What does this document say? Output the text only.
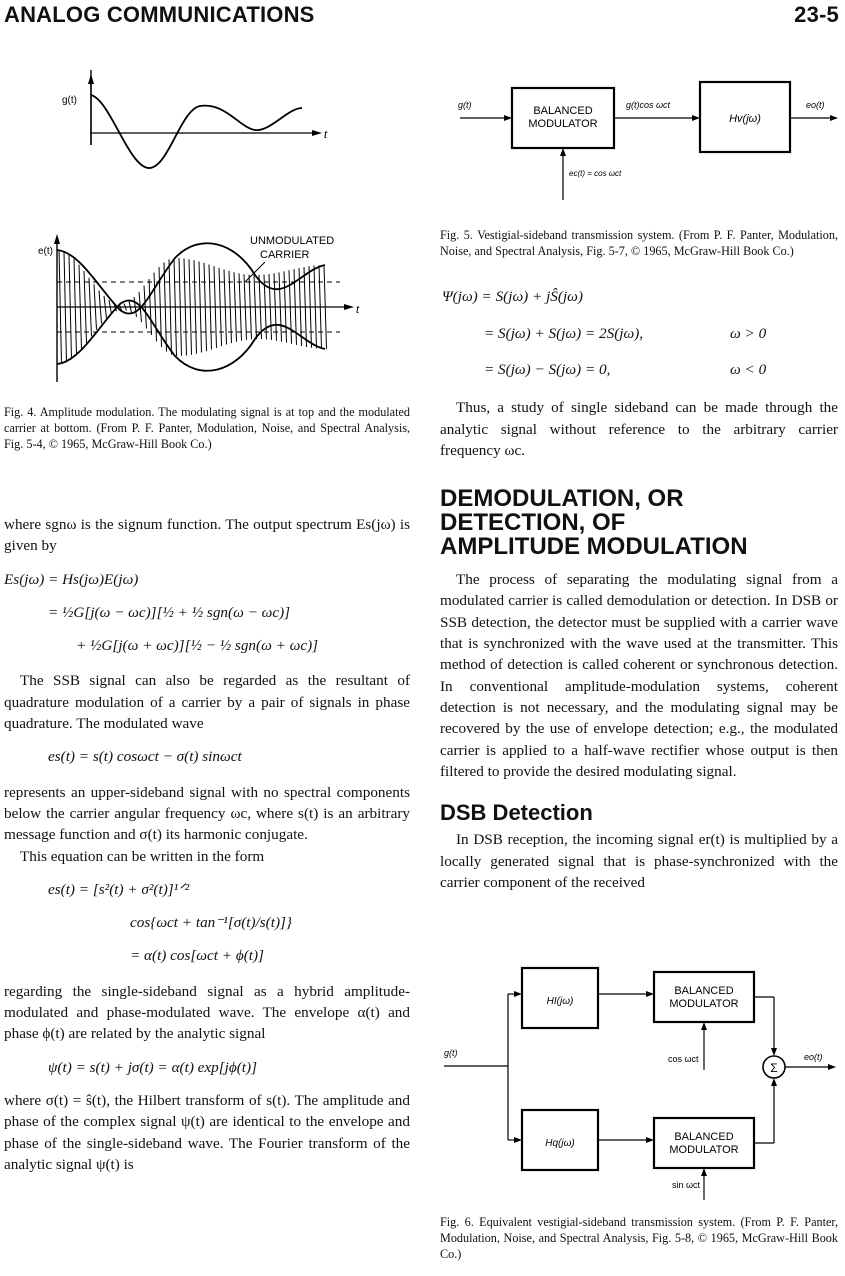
ANALOG COMMUNICATIONS	23-5
g(t)
t
e(t)
t
UNMODULATED
CARRIER
Fig. 4. Amplitude modulation. The modulating signal is at top and the modulated carrier at bottom. (From P. F. Panter, Modulation, Noise, and Spectral Analysis, Fig. 5-4, © 1965, McGraw-Hill Book Co.)

where sgnω is the signum function. The output spectrum Es(jω) is given by

Es(jω) = Hs(jω)E(jω)
= ½G[j(ω − ωc)][½ + ½ sgn(ω − ωc)]
+ ½G[j(ω + ωc)][½ − ½ sgn(ω + ωc)]

The SSB signal can also be regarded as the resultant of quadrature modulation of a carrier by a pair of signals in phase quadrature. The modulated wave

es(t) = s(t) cosωct − σ(t) sinωct

represents an upper-sideband signal with no spectral components below the carrier angular frequency ωc, where s(t) is an arbitrary message function and σ(t) its harmonic conjugate.

This equation can be written in the form

es(t) = [s²(t) + σ²(t)]¹ᐟ²
cos{ωct + tan⁻¹[σ(t)/s(t)]}
= α(t) cos[ωct + ϕ(t)]

regarding the single-sideband signal as a hybrid amplitude-modulated and phase-modulated wave. The envelope α(t) and phase ϕ(t) are related by the analytic signal

ψ(t) = s(t) + jσ(t) = α(t) exp[jϕ(t)]

where σ(t) = ŝ(t), the Hilbert transform of s(t). The amplitude and phase of the complex signal ψ(t) are identical to the envelope and phase of the single-sideband wave. The Fourier transform of the analytic signal ψ(t) is

BALANCED
MODULATOR	Hv(jω)
g(t)	g(t)cos ωct	eo(t)
ec(t) = cos ωct
Fig. 5. Vestigial-sideband transmission system. (From P. F. Panter, Modulation, Noise, and Spectral Analysis, Fig. 5-7, © 1965, McGraw-Hill Book Co.)
Ψ(jω) = S(jω) + jŜ(jω)
= S(jω) + S(jω) = 2S(jω),	ω > 0
= S(jω) − S(jω) = 0,	ω < 0

Thus, a study of single sideband can be made through the analytic signal without reference to the arbitrary carrier frequency ωc.

DEMODULATION, OR
DETECTION, OF
AMPLITUDE MODULATION

The process of separating the modulating signal from a modulated carrier is called demodulation or detection. In DSB or SSB detection, the detector must be supplied with a carrier wave that is synchronized with the wave used at the transmitter. This method of detection is called coherent or synchronous detection. In conventional amplitude-modulation systems, coherent detection is not necessary, and the modulating signal may be recovered by the use of envelope detection; e.g., the modulated carrier is applied to a half-wave rectifier whose output is then filtered to provide the desired modulating signal.

DSB Detection

In DSB reception, the incoming signal er(t) is multiplied by a locally generated signal that is phase-synchronized with the carrier component of the received

HI(jω)
Hq(jω)
BALANCED
MODULATOR
BALANCED
MODULATOR
Σ
g(t)
cos ωct
sin ωct
eo(t)
Fig. 6. Equivalent vestigial-sideband transmission system. (From P. F. Panter, Modulation, Noise, and Spectral Analysis, Fig. 5-8, © 1965, McGraw-Hill Book Co.)
